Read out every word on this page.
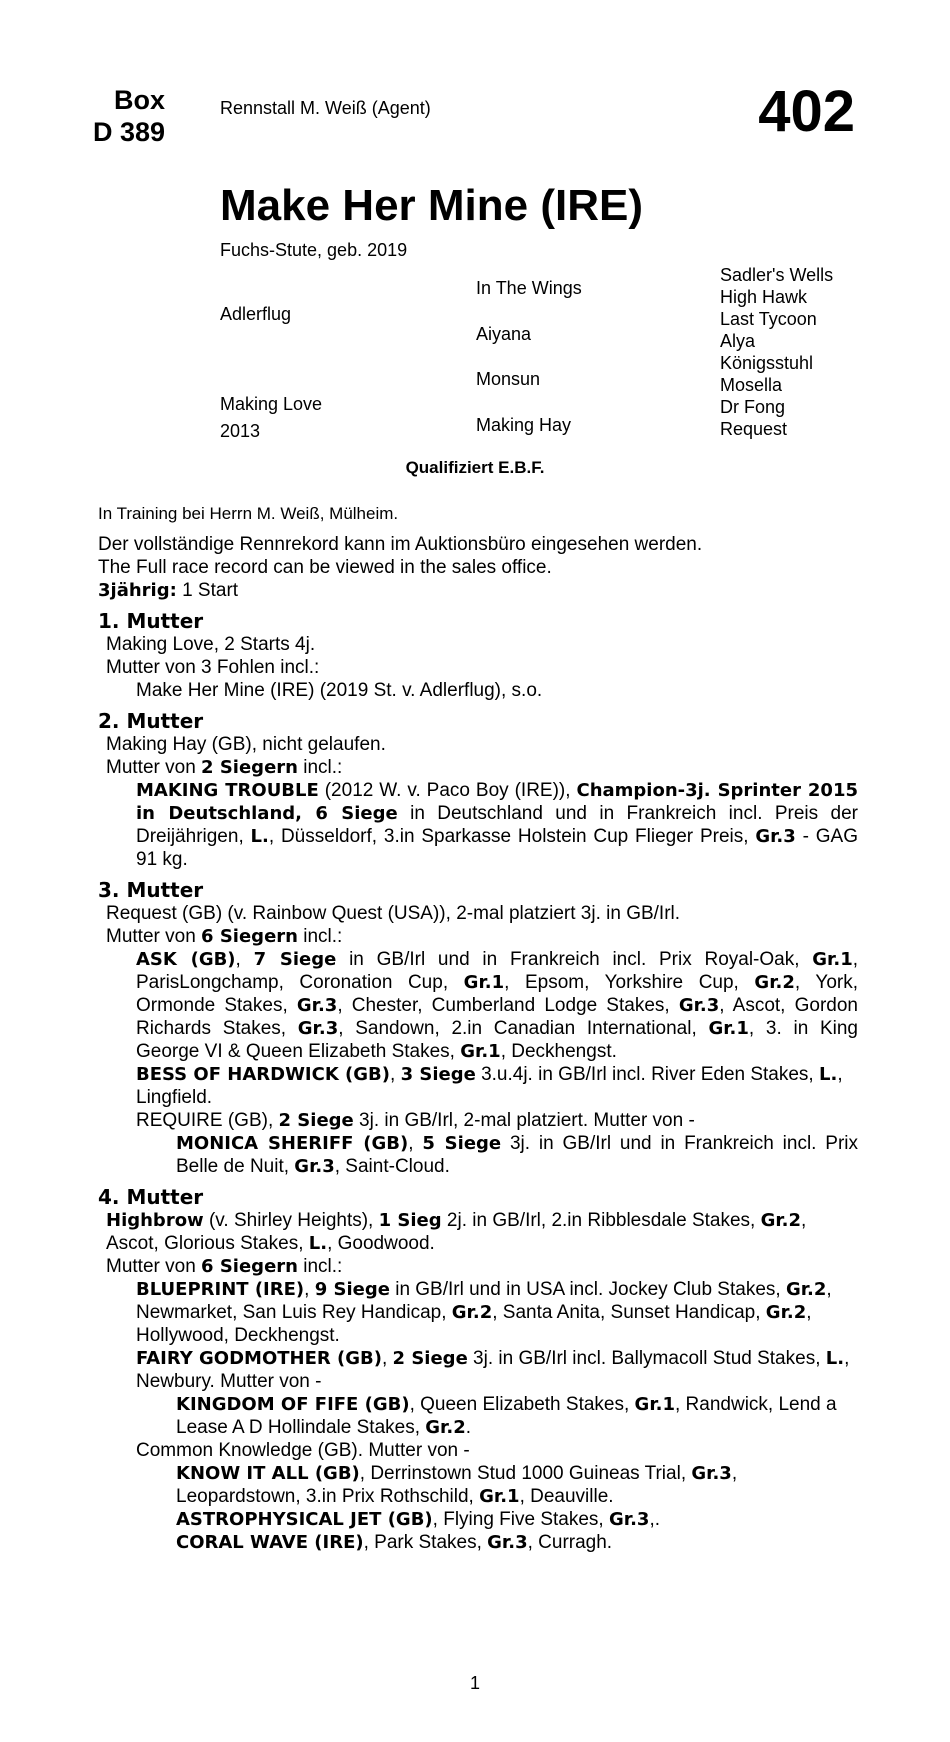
Box
D 389
Rennstall M. Weiß (Agent)	402
Make Her Mine (IRE)
Fuchs-Stute, geb. 2019
Adlerflug
Making Love
2013
In The Wings
Aiyana
Monsun
Making Hay
Sadler's Wells
High Hawk
Last Tycoon
Alya
Königsstuhl
Mosella
Dr Fong
Request
Qualifiziert E.B.F.

In Training bei Herrn M. Weiß, Mülheim.

Der vollständige Rennrekord kann im Auktionsbüro eingesehen werden.

The Full race record can be viewed in the sales office.

3jährig: 1 Start

1. Mutter

Making Love, 2 Starts 4j.

Mutter von 3 Fohlen incl.:

Make Her Mine (IRE) (2019 St. v. Adlerflug), s.o.

2. Mutter

Making Hay (GB), nicht gelaufen.

Mutter von 2 Siegern incl.:

MAKING TROUBLE (2012 W. v. Paco Boy (IRE)), Champion-3j. Sprinter 2015 in Deutschland, 6 Siege in Deutschland und in Frankreich incl. Preis der Dreijährigen, L., Düsseldorf, 3.in Sparkasse Holstein Cup Flieger Preis, Gr.3 - GAG 91 kg.

3. Mutter

Request (GB) (v. Rainbow Quest (USA)), 2-mal platziert 3j. in GB/Irl.

Mutter von 6 Siegern incl.:

ASK (GB), 7 Siege in GB/Irl und in Frankreich incl. Prix Royal-Oak, Gr.1, ParisLongchamp, Coronation Cup, Gr.1, Epsom, Yorkshire Cup, Gr.2, York, Ormonde Stakes, Gr.3, Chester, Cumberland Lodge Stakes, Gr.3, Ascot, Gordon Richards Stakes, Gr.3, Sandown, 2.in Canadian International, Gr.1, 3. in King George VI & Queen Elizabeth Stakes, Gr.1, Deckhengst.

BESS OF HARDWICK (GB), 3 Siege 3.u.4j. in GB/Irl incl. River Eden Stakes, L., Lingfield.

REQUIRE (GB), 2 Siege 3j. in GB/Irl, 2-mal platziert. Mutter von -

MONICA SHERIFF (GB), 5 Siege 3j. in GB/Irl und in Frankreich incl. Prix Belle de Nuit, Gr.3, Saint-Cloud.

4. Mutter

Highbrow (v. Shirley Heights), 1 Sieg 2j. in GB/Irl, 2.in Ribblesdale Stakes, Gr.2, Ascot, Glorious Stakes, L., Goodwood.

Mutter von 6 Siegern incl.:

BLUEPRINT (IRE), 9 Siege in GB/Irl und in USA incl. Jockey Club Stakes, Gr.2, Newmarket, San Luis Rey Handicap, Gr.2, Santa Anita, Sunset Handicap, Gr.2, Hollywood, Deckhengst.

FAIRY GODMOTHER (GB), 2 Siege 3j. in GB/Irl incl. Ballymacoll Stud Stakes, L., Newbury. Mutter von -

KINGDOM OF FIFE (GB), Queen Elizabeth Stakes, Gr.1, Randwick, Lend a Lease A D Hollindale Stakes, Gr.2.

Common Knowledge (GB). Mutter von -

KNOW IT ALL (GB), Derrinstown Stud 1000 Guineas Trial, Gr.3, Leopardstown, 3.in Prix Rothschild, Gr.1, Deauville.

ASTROPHYSICAL JET (GB), Flying Five Stakes, Gr.3,.

CORAL WAVE (IRE), Park Stakes, Gr.3, Curragh.

1
